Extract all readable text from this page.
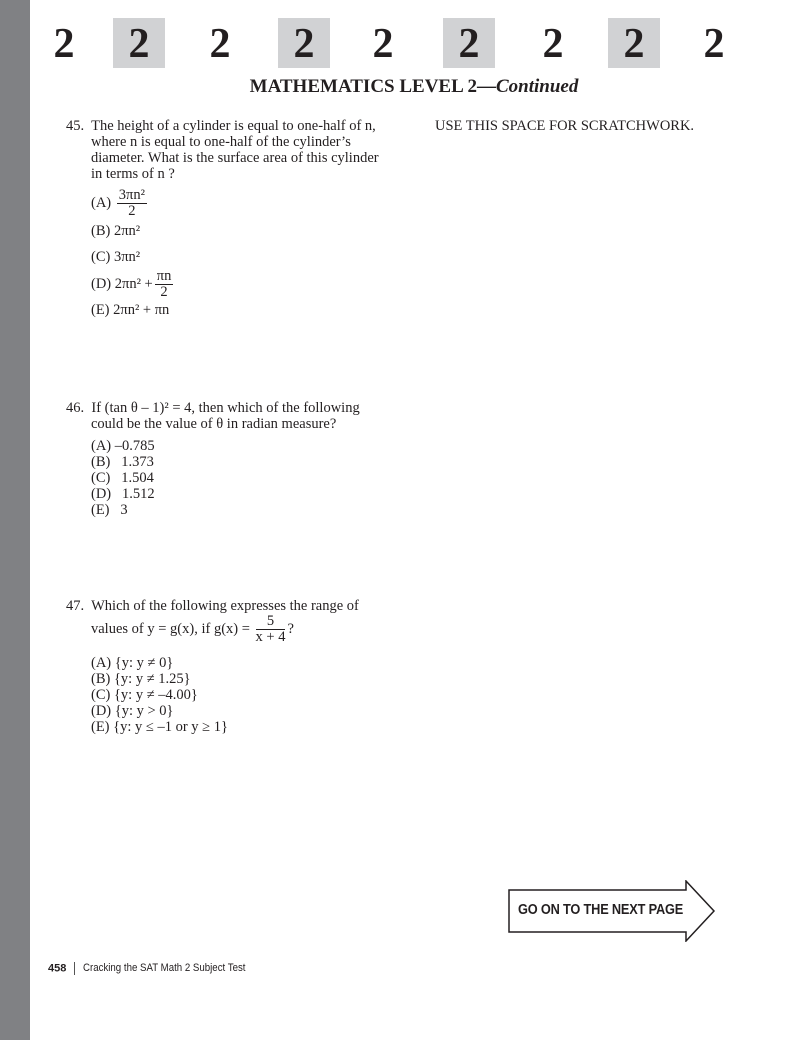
2	2	2	2	2	2	2	2	2
MATHEMATICS LEVEL 2—Continued
USE THIS SPACE FOR SCRATCHWORK.
45. The height of a cylinder is equal to one-half of n, where n is equal to one-half of the cylinder’s diameter. What is the surface area of this cylinder in terms of n ?
$(A) \frac{\text{3πn²}}{2}$
(B) 2πn²
(C) 3πn²
(D) $2\pi n^2 + \frac{\pi n}{2}$
(E) 2πn² + πn
46. If (tan θ – 1)² = 4, then which of the following could be the value of θ in radian measure?
(A) –0.785
(B) 1.373
(C) 1.504
(D) 1.512
(E) 3
47. Which of the following expresses the range of
values of y = g(x), if $g(x) = \frac{5}{x + 4}$ ?
(A) {y: y ≠ 0}
(B) {y: y ≠ 1.25}
(C) {y: y ≠ –4.00}
(D) {y: y > 0}
(E) {y: y ≤ –1 or y ≥ 1}
GO ON TO THE NEXT PAGE
458 Cracking the SAT Math 2 Subject Test
